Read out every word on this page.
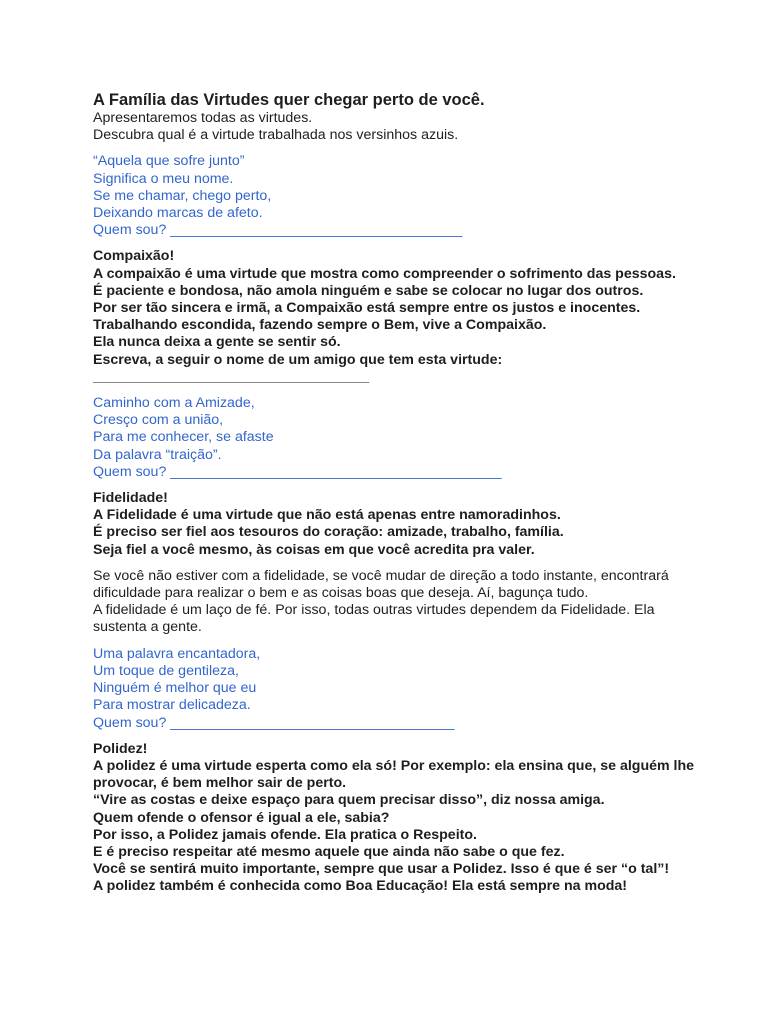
A Família das Virtudes quer chegar perto de você.

Apresentaremos todas as virtudes.
Descubra qual é a virtude trabalhada nos versinhos azuis.
“Aquela que sofre junto”
Significa o meu nome.
Se me chamar, chego perto,
Deixando marcas de afeto.
Quem sou? _____________________________________
Compaixão!
A compaixão é uma virtude que mostra como compreender o sofrimento das pessoas.
É paciente e bondosa, não amola ninguém e sabe se colocar no lugar dos outros.
Por ser tão sincera e irmã, a Compaixão está sempre entre os justos e inocentes.
Trabalhando escondida, fazendo sempre o Bem, vive a Compaixão.
Ela nunca deixa a gente se sentir só.
Escreva, a seguir o nome de um amigo que tem esta virtude:
___________________________________
Caminho com a Amizade,
Cresço com a união,
Para me conhecer, se afaste
Da palavra “traição”.
Quem sou? __________________________________________
Fidelidade!
A Fidelidade é uma virtude que não está apenas entre namoradinhos.
É preciso ser fiel aos tesouros do coração: amizade, trabalho, família.
Seja fiel a você mesmo, às coisas em que você acredita pra valer.
Se você não estiver com a fidelidade, se você mudar de direção a todo instante, encontrará
dificuldade para realizar o bem e as coisas boas que deseja. Aí, bagunça tudo.
A fidelidade é um laço de fé. Por isso, todas outras virtudes dependem da Fidelidade. Ela
sustenta a gente.
Uma palavra encantadora,
Um toque de gentileza,
Ninguém é melhor que eu
Para mostrar delicadeza.
Quem sou? ____________________________________
Polidez!
A polidez é uma virtude esperta como ela só! Por exemplo: ela ensina que, se alguém lhe
provocar, é bem melhor sair de perto.
“Vire as costas e deixe espaço para quem precisar disso”, diz nossa amiga.
Quem ofende o ofensor é igual a ele, sabia?
Por isso, a Polidez jamais ofende. Ela pratica o Respeito.
E é preciso respeitar até mesmo aquele que ainda não sabe o que fez.
Você se sentirá muito importante, sempre que usar a Polidez. Isso é que é ser “o tal”!
A polidez também é conhecida como Boa Educação! Ela está sempre na moda!
